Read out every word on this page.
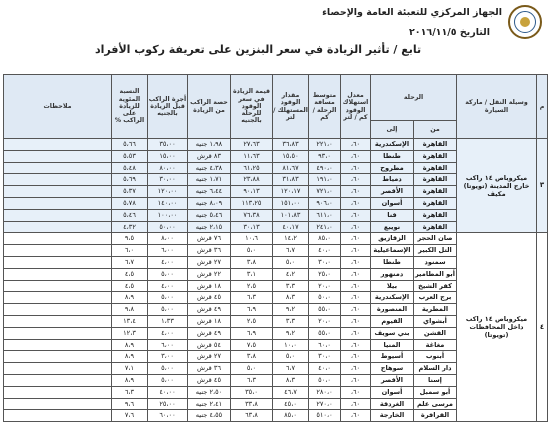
الجهاز المركزي للتعبئة العامة والإحصاء
التاريخ ٢٠١٦/١١/٥
تابع / تأثير الزيادة في سعر البنزين على تعريفة ركوب الأفراد
م	وسيلة النقل / ماركة السيارة	الرحلة		معدل استهلاك الوقود كم / لتر	متوسط مسافة الرحلة / كم	مقدار الوقود المستهلك / لتر	قيمة الزيادة في سعر الوقود للرحلة بالجنيه	حصة الراكب من الزيادة	أجرة الراكب قبل الزيادة بالجنيه	النسبة المئوية للزيادة على الراكب %	ملاحظات
		من	إلى								
٣	ميكروباص ١٤ راكب خارج المدينة (تويوتا) مكيف	القاهرة	الإسكندرية	٦٠،	٢٢١،٠	٣٦،٨٣	٢٧،٦٣	١،٩٨ جنيه	٣٥،٠٠	٥،٦٦	
		القاهرة	طنطا	٦٠،	٩٣،٠	١٥،٥٠	١١،٦٣	٨٣ قرش	١٥،٠٠	٥،٥٣	
		القاهرة	مطروح	٦٠،	٤٩٠،٠	٨١،٦٧	٦١،٢٥	٤،٣٨ جنيه	٨٠،٠٠	٥،٤٨	
		القاهرة	دمياط	٦٠،	١٩١،٠	٣١،٨٣	٢٣،٨٨	١،٧١ جنيه	٣٠،٠٠	٥،٦٩	
		القاهرة	الأقصر	٦٠،	٧٢١،٠	١٢٠،١٧	٩٠،١٣	٦،٤٤ جنيه	١٢٠،٠٠	٥،٣٧	
		القاهرة	أسوان	٦٠،	٩٠٦،٠	١٥١،٠٠	١١٣،٢٥	٨،٠٩ جنيه	١٤٠،٠٠	٥،٧٨	
		القاهرة	قنا	٦٠،	٦١١،٠	١٠١،٨٣	٧٦،٣٨	٥،٤٦ جنيه	١٠٠،٠٠	٥،٤٦	
		القاهرة	نويبع	٦٠،	٢٤١،٠	٤٠،١٧	٣٠،١٣	٢،١٥ جنيه	٥٠،٠٠	٤،٣٢	
٤	ميكروباص ١٤ راكب داخل المحافظات (تويوتا)	صان الحجر	الزقازيق	٦٠،	٨٥،٠	١٤،٢	١٠،٦	٧٦ قرش	٨،٠٠	٩،٥	
		التل الكبير	الإسماعيلية	٦٠،	٤٠،٠	٦،٧	٥،٠	٣٦ قرش	٦،٠٠	٦،٠	
		سمنود	طنطا	٦٠،	٣٠،٠	٥،٠	٣،٨	٢٧ قرش	٤،٠٠	٦،٧	
		أبو المطامير	دمنهور	٦٠،	٢٥،٠	٤،٢	٣،١	٢٢ قرش	٥،٠٠	٤،٥	
		كفر الشيخ	بيلا	٦٠،	٢٠،٠	٣،٣	٢،٥	١٨ قرش	٤،٠٠	٤،٥	
		برج العرب	الإسكندرية	٦٠،	٥٠،٠	٨،٣	٦،٣	٤٥ قرش	٥،٠٠	٨،٩	
		المطرية	المنصورة	٦٠،	٥٥،٠	٩،٢	٦،٩	٤٩ قرش	٥،٠٠	٩،٨	
		أبشواي	الفيوم	٦٠،	٢٠،٠	٣،٣	٢،٥	١٨ قرش	١،٣٣	١٣،٤	
		الفشن	بني سويف	٦٠،	٥٥،٠	٩،٢	٦،٩	٤٩ قرش	٤،٠٠	١٢،٣	
		مغاغة	المنيا	٦٠،	٦٠،٠	١٠،٠	٧،٥	٥٤ قرش	٦،٠٠	٨،٩	
		أبنوب	أسيوط	٦٠،	٣٠،٠	٥،٠	٣،٨	٢٧ قرش	٣،٠٠	٨،٩	
		دار السلام	سوهاج	٦٠،	٤٠،٠	٦،٧	٥،٠	٣٦ قرش	٥،٠٠	٧،١	
		إسنا	الأقصر	٦٠،	٥٠،٠	٨،٣	٦،٣	٤٥ قرش	٥،٠٠	٨،٩	
		أبو سمبل	أسوان	٦٠،	٢٨٠،٠	٤٦،٧	٣٥،٠	٢،٥٠ جنيه	٤٠،٠٠	٦،٣	
		مرسى علم	الغردقة	٦٠،	٢٧٠،٠	٤٥،٠	٣٣،٨	٢،٤١ جنيه	٢٥،٠٠	٩،٦	
		الفرافرة	الخارجة	٦٠،	٥١٠،٠	٨٥،٠	٦٣،٨	٤،٥٥ جنيه	٦٠،٠٠	٧،٦	
